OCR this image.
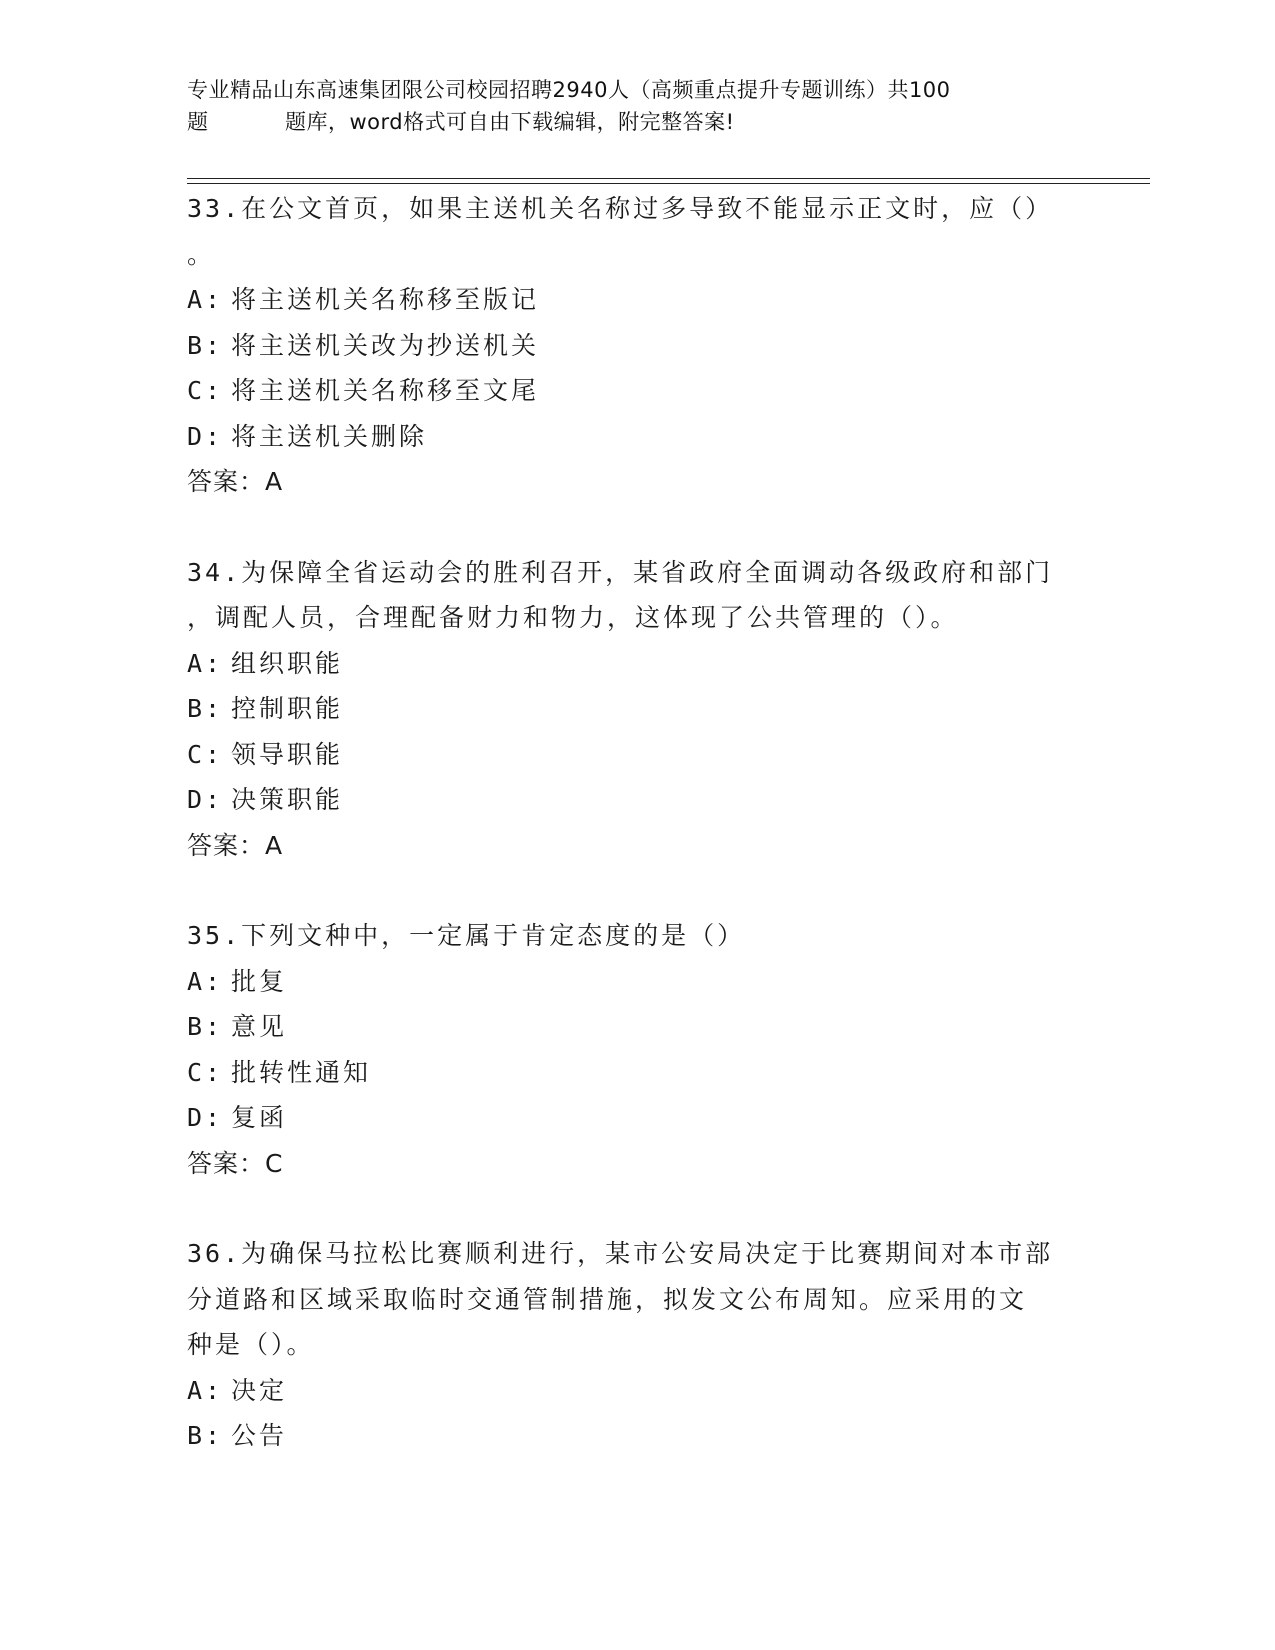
专业精品山东高速集团限公司校园招聘2940人（高频重点提升专题训练）共100
题	题库，word格式可自由下载编辑，附完整答案!

33.在公文首页，如果主送机关名称过多导致不能显示正文时，应（）

。

A: 将主送机关名称移至版记
B: 将主送机关改为抄送机关
C: 将主送机关名称移至文尾
D: 将主送机关删除

答案：A

34.为保障全省运动会的胜利召开，某省政府全面调动各级政府和部门

，调配人员，合理配备财力和物力，这体现了公共管理的（）。

A: 组织职能
B: 控制职能
C: 领导职能
D: 决策职能

答案：A

35.下列文种中，一定属于肯定态度的是（）

A: 批复
B: 意见
C: 批转性通知
D: 复函

答案：C

36.为确保马拉松比赛顺利进行，某市公安局决定于比赛期间对本市部

分道路和区域采取临时交通管制措施，拟发文公布周知。应采用的文

种是（）。

A: 决定
B: 公告
